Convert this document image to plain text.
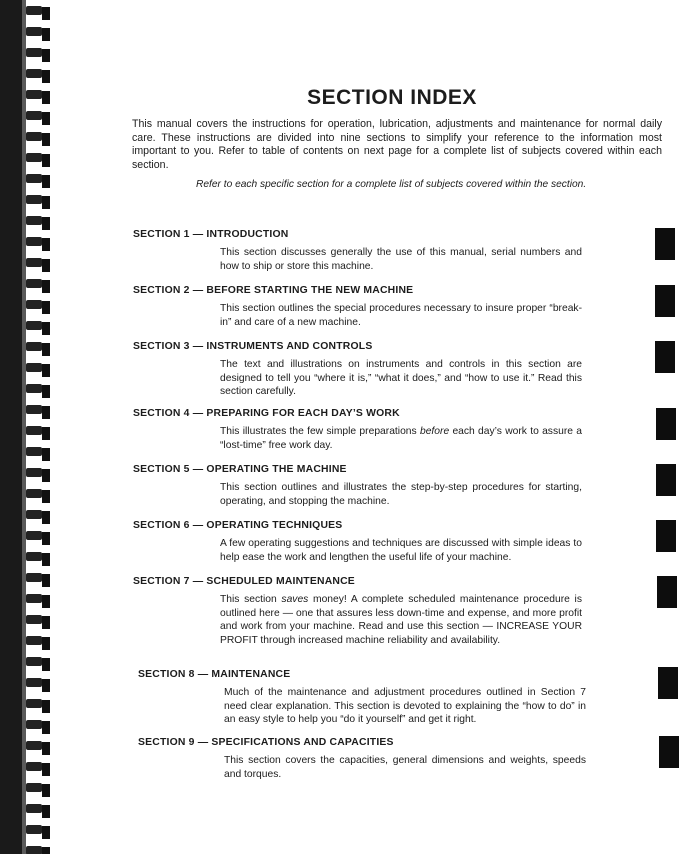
SECTION INDEX
This manual covers the instructions for operation, lubrication, adjustments and maintenance for normal daily care. These instructions are divided into nine sections to simplify your reference to the information most important to you. Refer to table of contents on next page for a complete list of subjects covered within each section.
Refer to each specific section for a complete list of subjects covered within the section.
SECTION 1 — INTRODUCTION
This section discusses generally the use of this manual, serial numbers and how to ship or store this machine.
SECTION 2 — BEFORE STARTING THE NEW MACHINE
This section outlines the special procedures necessary to insure proper “break-in” and care of a new machine.
SECTION 3 — INSTRUMENTS AND CONTROLS
The text and illustrations on instruments and controls in this section are designed to tell you “where it is,” “what it does,” and “how to use it.” Read this section carefully.
SECTION 4 — PREPARING FOR EACH DAY’S WORK
This illustrates the few simple preparations before each day’s work to assure a “lost-time” free work day.
SECTION 5 — OPERATING THE MACHINE
This section outlines and illustrates the step-by-step procedures for starting, operating, and stopping the machine.
SECTION 6 — OPERATING TECHNIQUES
A few operating suggestions and techniques are discussed with simple ideas to help ease the work and lengthen the useful life of your machine.
SECTION 7 — SCHEDULED MAINTENANCE
This section saves money! A complete scheduled maintenance procedure is outlined here — one that assures less down-time and expense, and more profit and work from your machine. Read and use this section — INCREASE YOUR PROFIT through increased machine reliability and availability.
SECTION 8 — MAINTENANCE
Much of the maintenance and adjustment procedures outlined in Section 7 need clear explanation. This section is devoted to explaining the “how to do” in an easy style to help you “do it yourself” and get it right.
SECTION 9 — SPECIFICATIONS AND CAPACITIES
This section covers the capacities, general dimensions and weights, speeds and torques.
